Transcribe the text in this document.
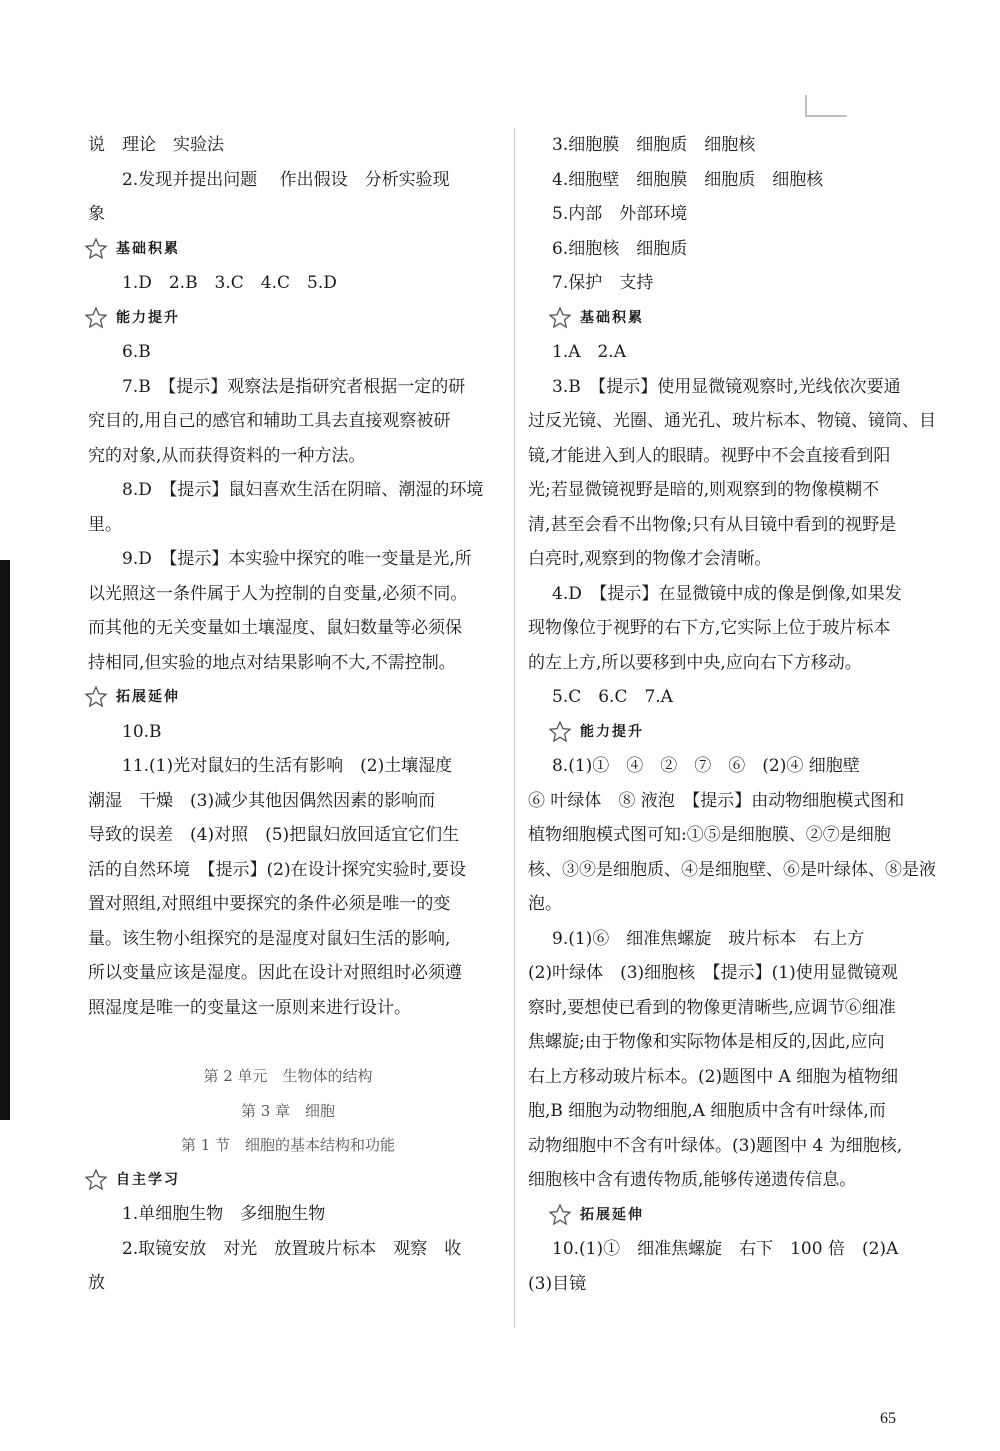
说　理论　实验法

2.发现并提出问题　 作出假设　分析实验现

象

基础积累

1.D　2.B　3.C　4.C　5.D

能力提升

6.B

7.B　【提示】观察法是指研究者根据一定的研

究目的,用自己的感官和辅助工具去直接观察被研

究的对象,从而获得资料的一种方法。

8.D　【提示】鼠妇喜欢生活在阴暗、潮湿的环境

里。

9.D　【提示】本实验中探究的唯一变量是光,所

以光照这一条件属于人为控制的自变量,必须不同。

而其他的无关变量如土壤湿度、鼠妇数量等必须保

持相同,但实验的地点对结果影响不大,不需控制。

拓展延伸

10.B

11.(1)光对鼠妇的生活有影响　(2)土壤湿度

潮湿　干燥　(3)减少其他因偶然因素的影响而

导致的误差　(4)对照　(5)把鼠妇放回适宜它们生

活的自然环境　【提示】(2)在设计探究实验时,要设

置对照组,对照组中要探究的条件必须是唯一的变

量。该生物小组探究的是湿度对鼠妇生活的影响,

所以变量应该是湿度。因此在设计对照组时必须遵

照湿度是唯一的变量这一原则来进行设计。

第 2 单元　生物体的结构

第 3 章　细胞

第 1 节　细胞的基本结构和功能

自主学习

1.单细胞生物　多细胞生物

2.取镜安放　对光　放置玻片标本　观察　收

放

3.细胞膜　细胞质　细胞核

4.细胞壁　细胞膜　细胞质　细胞核

5.内部　外部环境

6.细胞核　细胞质

7.保护　支持

基础积累

1.A　2.A

3.B　【提示】使用显微镜观察时,光线依次要通

过反光镜、光圈、通光孔、玻片标本、物镜、镜筒、目

镜,才能进入到人的眼睛。视野中不会直接看到阳

光;若显微镜视野是暗的,则观察到的物像模糊不

清,甚至会看不出物像;只有从目镜中看到的视野是

白亮时,观察到的物像才会清晰。

4.D　【提示】在显微镜中成的像是倒像,如果发

现物像位于视野的右下方,它实际上位于玻片标本

的左上方,所以要移到中央,应向右下方移动。

5.C　6.C　7.A

能力提升

8.(1)①　④　②　⑦　⑥　(2)④ 细胞壁

⑥ 叶绿体　⑧ 液泡　【提示】由动物细胞模式图和

植物细胞模式图可知:①⑤是细胞膜、②⑦是细胞

核、③⑨是细胞质、④是细胞壁、⑥是叶绿体、⑧是液

泡。

9.(1)⑥　细准焦螺旋　玻片标本　右上方

(2)叶绿体　(3)细胞核　【提示】(1)使用显微镜观

察时,要想使已看到的物像更清晰些,应调节⑥细准

焦螺旋;由于物像和实际物体是相反的,因此,应向

右上方移动玻片标本。(2)题图中 A 细胞为植物细

胞,B 细胞为动物细胞,A 细胞质中含有叶绿体,而

动物细胞中不含有叶绿体。(3)题图中 4 为细胞核,

细胞核中含有遗传物质,能够传递遗传信息。

拓展延伸

10.(1)①　细准焦螺旋　右下　100 倍　(2)A

(3)目镜

65
